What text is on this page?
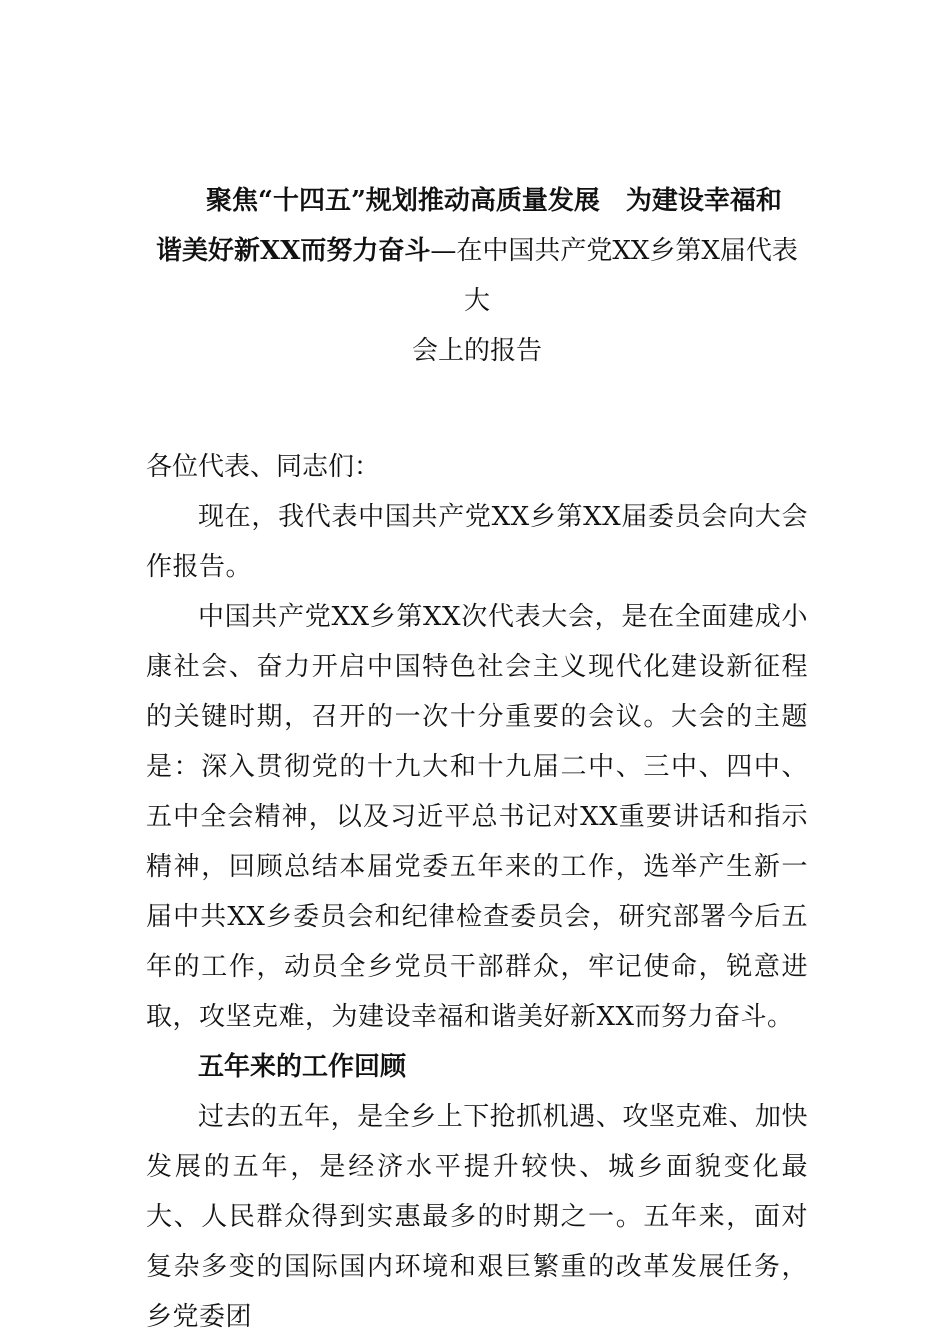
聚焦“十四五”规划推动高质量发展　为建设幸福和
谐美好新XX而努力奋斗—在中国共产党XX乡第X届代表大
会上的报告
各位代表、同志们：

现在，我代表中国共产党XX乡第XX届委员会向大会作报告。

中国共产党XX乡第XX次代表大会，是在全面建成小康社会、奋力开启中国特色社会主义现代化建设新征程的关键时期，召开的一次十分重要的会议。大会的主题是：深入贯彻党的十九大和十九届二中、三中、四中、五中全会精神，以及习近平总书记对XX重要讲话和指示精神，回顾总结本届党委五年来的工作，选举产生新一届中共XX乡委员会和纪律检查委员会，研究部署今后五年的工作，动员全乡党员干部群众，牢记使命，锐意进取，攻坚克难，为建设幸福和谐美好新XX而努力奋斗。

五年来的工作回顾

过去的五年，是全乡上下抢抓机遇、攻坚克难、加快发展的五年，是经济水平提升较快、城乡面貌变化最大、人民群众得到实惠最多的时期之一。五年来，面对复杂多变的国际国内环境和艰巨繁重的改革发展任务，乡党委团
